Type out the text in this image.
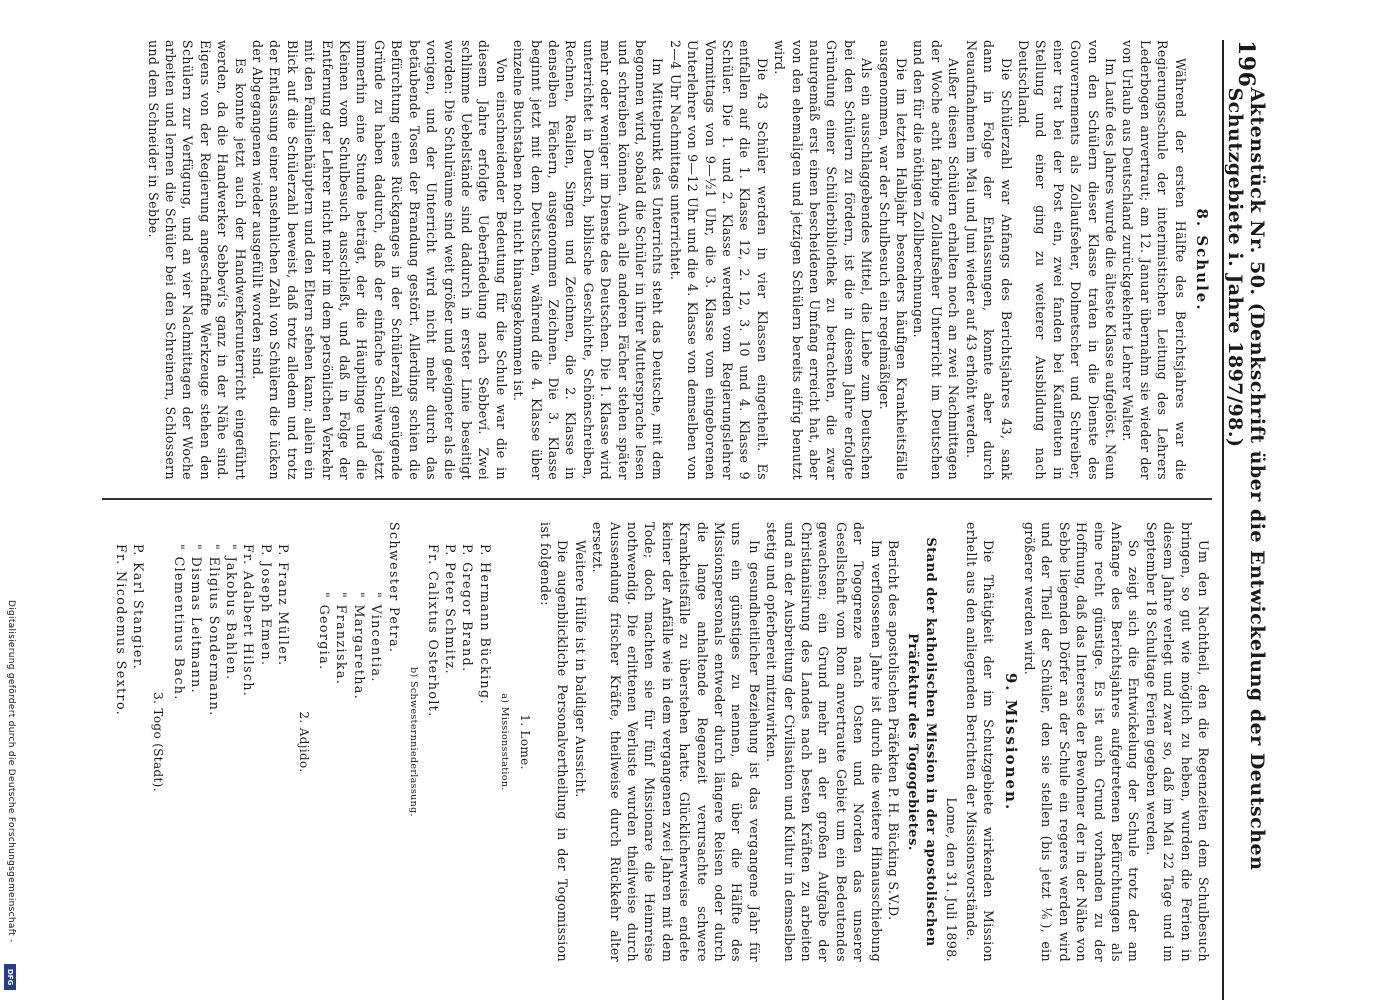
196
Aktenstück Nr. 50. (Denkschrift über die Entwickelung der Deutschen Schutzgebiete i. Jahre 1897/98.)
8. Schule.

Während der ersten Hälfte des Berichtsjahres war die Regierungsschule der interimistischen Leitung des Lehrers Lederbogen anvertraut; am 12. Januar übernahm sie wieder der von Urlaub aus Deutschland zurückgekehrte Lehrer Walter.

Im Laufe des Jahres wurde die älteste Klasse aufgelöst. Neun von den Schülern dieser Klasse traten in die Dienste des Gouvernements als Zollaufseher, Dolmetscher und Schreiber, einer trat bei der Post ein, zwei fanden bei Kaufleuten in Stellung und einer ging zu weiterer Ausbildung nach Deutschland.

Die Schülerzahl war Anfangs des Berichtsjahres 43, sank dann in Folge der Entlassungen, konnte aber durch Neuaufnahmen im Mai und Juni wieder auf 43 erhöht werden.

Außer diesen Schülern erhalten noch an zwei Nachmittagen der Woche acht farbige Zollaufseher Unterricht im Deutschen und den für die nöthigen Zollberechnungen.

Die im letzten Halbjahr besonders häufigen Krankheitsfälle ausgenommen, war der Schulbesuch ein regelmäßiger.

Als ein ausschlaggebendes Mittel, die Liebe zum Deutschen bei den Schülern zu fördern, ist die in diesem Jahre erfolgte Gründung einer Schülerbibliothek zu betrachten, die zwar naturgemäß erst einen bescheidenen Umfang erreicht hat, aber von den ehemaligen und jetzigen Schülern bereits eifrig benutzt wird.

Die 43 Schüler werden in vier Klassen eingetheilt. Es entfallen auf die 1. Klasse 12, 2. 12, 3. 10 und 4. Klasse 9 Schüler. Die 1. und 2. Klasse werden vom Regierungslehrer Vormittags von 9—½1 Uhr, die 3. Klasse vom eingeborenen Unterlehrer von 9—12 Uhr und die 4. Klasse von demselben von 2—4 Uhr Nachmittags unterrichtet.

Im Mittelpunkt des Unterrichts steht das Deutsche, mit dem begonnen wird, sobald die Schüler in ihrer Muttersprache lesen und schreiben können. Auch alle anderen Fächer stehen später mehr oder weniger im Dienste des Deutschen. Die 1. Klasse wird unterrichtet in Deutsch, biblische Geschichte, Schönschreiben, Rechnen, Realien, Singen und Zeichnen, die 2. Klasse in denselben Fächern, ausgenommen Zeichnen. Die 3. Klasse beginnt jetzt mit dem Deutschen, während die 4. Klasse über einzelne Buchstaben noch nicht hinausgekommen ist.

Von einschneidender Bedeutung für die Schule war die in diesem Jahre erfolgte Ueberfiedelung nach Sebbeví. Zwei schlimme Uebelstände sind dadurch in erster Linie beseitigt worden: Die Schulräume sind weit größer und geeigneter als die vorigen, und der Unterricht wird nicht mehr durch das betäubende Tosen der Brandung gestört. Allerdings schien die Befürchtung eines Rückganges in der Schülerzahl genügende Gründe zu haben dadurch, daß der einfache Schulweg jetzt immerhin eine Stunde beträgt, der die Häuptlinge und die Kleinen vom Schulbesuch ausschließt, und daß in Folge der Entfernung der Lehrer nicht mehr im dem persönlichen Verkehr mit den Familienhäuptern und den Eltern stehen kann; allein ein Blick auf die Schülerzahl beweist, daß trotz alledem und trotz der Entlassung einer ansehnlichen Zahl von Schülern die Lücken der Abgegangenen wieder ausgefüllt worden sind.

Es konnte jetzt auch der Handwerkerunterricht eingeführt werden, da die Handwerker Sebbeví's ganz in der Nähe sind. Eigens von der Regierung angeschaffte Werkzeuge stehen den Schülern zur Verfügung, und an vier Nachmittagen der Woche arbeiten und lernen die Schüler bei den Schreinern, Schlossern und dem Schneider in Sebbe.

Um den Nachtheil, den die Regenzeiten dem Schulbesuch bringen, so gut wie möglich zu heben, wurden die Ferien in diesem Jahre verlegt und zwar so, daß im Mai 22 Tage und im September 18 Schultage Ferien gegeben werden.

So zeigt sich die Entwickelung der Schule trotz der am Anfange des Berichtsjahres aufgetretenen Befürchtungen als eine recht günstige. Es ist auch Grund vorhanden zu der Hoffnung, daß das Interesse der Bewohner der in der Nähe von Sebbe liegenden Dörfer an der Schule ein regeres werden wird und der Theil der Schüler, den sie stellen (bis jetzt ⅙), ein größerer werden wird.

9. Missionen.

Die Thätigkeit der im Schutzgebiete wirkenden Mission erhellt aus den anliegenden Berichten der Missionsvorstände.

Lome, den 31. Juli 1898.
Stand der katholischen Mission in der apostolischen Präfektur des Togogebietes.

Bericht des apostolischen Präfekten P. H. Bücking S.V.D.

Im verflossenen Jahre ist durch die weitere Hinausschiebung der Togogrenze nach Osten und Norden das unserer Gesellschaft vom Rom anvertraute Gebiet um ein Bedeutendes gewachsen; ein Grund mehr an der großen Aufgabe der Christianisirung des Landes nach besten Kräften zu arbeiten und an der Ausbreitung der Civilisation und Kultur in demselben stetig und opferbereit mitzuwirken.

In gesundheitlicher Beziehung ist das vergangene Jahr für uns ein günstiges zu nennen, da über die Hälfte des Missionspersonals entweder durch längere Reisen oder durch die lange anhaltende Regenzeit verursachte schwere Krankheitsfälle zu überstehen hatte. Glücklicherweise endete keiner der Anfälle wie in dem vergangenen zwei Jahren mit dem Tode; doch machten sie für fünf Missionare die Heimreise nothwendig. Die erlittenen Verluste wurden theilweise durch Aussendung frischer Kräfte, theilweise durch Rückkehr alter ersetzt.

Weitere Hülfe ist in baldiger Aussicht.

Die augenblickliche Personalvertheilung in der Togomission ist folgende:

1. Lome.
a) Missionsstation.
P. Hermann Bücking.
P. Gregor Brand.
P. Peter Schmitz.
Fr. Calixtus Osterholt.
b) Schwesternniederlassung.
Schwester Petra.
" Vincentia.
" Margaretha.
" Franziska.
" Georgia.
2. Adjido.
P. Franz Müller.
P. Joseph Emen.
Fr. Adalbert Hilsch.
" Jakobus Bahlen.
" Eligius Sondermann.
" Dismas Leitmann.
" Clementinus Bach.
3. Togo (Stadt).
P. Karl Stangier.
Fr. Nicodemus Sextro.
Digitalisierung gefördert durch die Deutsche Forschungsgemeinschaft -
DFG
